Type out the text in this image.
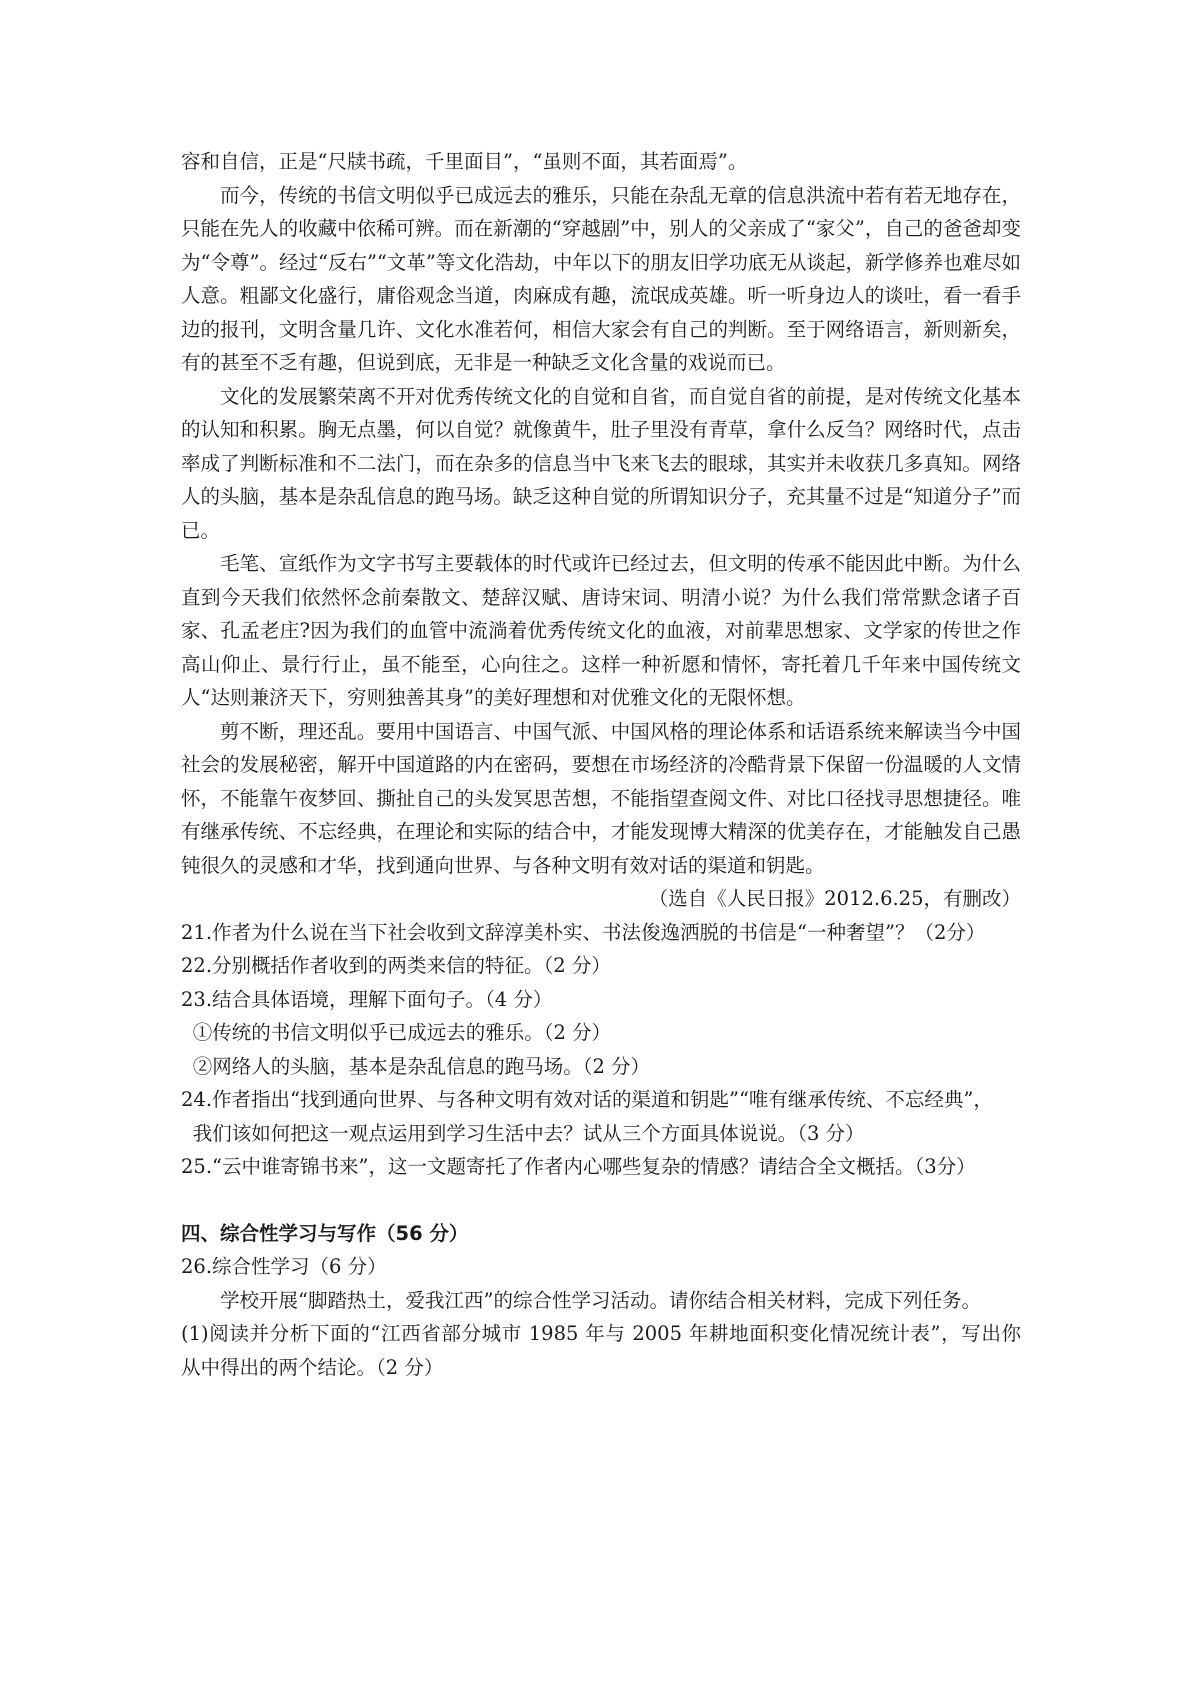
容和自信，正是“尺牍书疏，千里面目”，“虽则不面，其若面焉”。

而今，传统的书信文明似乎已成远去的雅乐，只能在杂乱无章的信息洪流中若有若无地存在，只能在先人的收藏中依稀可辨。而在新潮的“穿越剧”中，别人的父亲成了“家父”，自己的爸爸却变为“令尊”。经过“反右”“文革”等文化浩劫，中年以下的朋友旧学功底无从谈起，新学修养也难尽如人意。粗鄙文化盛行，庸俗观念当道，肉麻成有趣，流氓成英雄。听一听身边人的谈吐，看一看手边的报刊，文明含量几许、文化水准若何，相信大家会有自己的判断。至于网络语言，新则新矣，有的甚至不乏有趣，但说到底，无非是一种缺乏文化含量的戏说而已。

文化的发展繁荣离不开对优秀传统文化的自觉和自省，而自觉自省的前提，是对传统文化基本的认知和积累。胸无点墨，何以自觉？就像黄牛，肚子里没有青草，拿什么反刍？网络时代，点击率成了判断标准和不二法门，而在杂多的信息当中飞来飞去的眼球，其实并未收获几多真知。网络人的头脑，基本是杂乱信息的跑马场。缺乏这种自觉的所谓知识分子，充其量不过是“知道分子”而已。

毛笔、宣纸作为文字书写主要载体的时代或许已经过去，但文明的传承不能因此中断。为什么直到今天我们依然怀念前秦散文、楚辞汉赋、唐诗宋词、明清小说？为什么我们常常默念诸子百家、孔孟老庄?因为我们的血管中流淌着优秀传统文化的血液，对前辈思想家、文学家的传世之作高山仰止、景行行止，虽不能至，心向往之。这样一种祈愿和情怀，寄托着几千年来中国传统文人“达则兼济天下，穷则独善其身”的美好理想和对优雅文化的无限怀想。

剪不断，理还乱。要用中国语言、中国气派、中国风格的理论体系和话语系统来解读当今中国社会的发展秘密，解开中国道路的内在密码，要想在市场经济的冷酷背景下保留一份温暖的人文情怀，不能靠午夜梦回、撕扯自己的头发冥思苦想，不能指望查阅文件、对比口径找寻思想捷径。唯有继承传统、不忘经典，在理论和实际的结合中，才能发现博大精深的优美存在，才能触发自己愚钝很久的灵感和才华，找到通向世界、与各种文明有效对话的渠道和钥匙。

（选自《人民日报》2012.6.25，有删改）

21.作者为什么说在当下社会收到文辞淳美朴实、书法俊逸洒脱的书信是“一种奢望”？（2分）

22.分别概括作者收到的两类来信的特征。（2 分）

23.结合具体语境，理解下面句子。（4 分）

①传统的书信文明似乎已成远去的雅乐。（2 分）

②网络人的头脑，基本是杂乱信息的跑马场。（2 分）

24.作者指出“找到通向世界、与各种文明有效对话的渠道和钥匙”“唯有继承传统、不忘经典”，

我们该如何把这一观点运用到学习生活中去？试从三个方面具体说说。（3 分）

25.“云中谁寄锦书来”，这一文题寄托了作者内心哪些复杂的情感？请结合全文概括。（3分）

四、综合性学习与写作（56 分）

26.综合性学习（6 分）

学校开展“脚踏热土，爱我江西”的综合性学习活动。请你结合相关材料，完成下列任务。

(1)阅读并分析下面的“江西省部分城市 1985 年与 2005 年耕地面积变化情况统计表”，写出你　从中得出的两个结论。（2 分）
